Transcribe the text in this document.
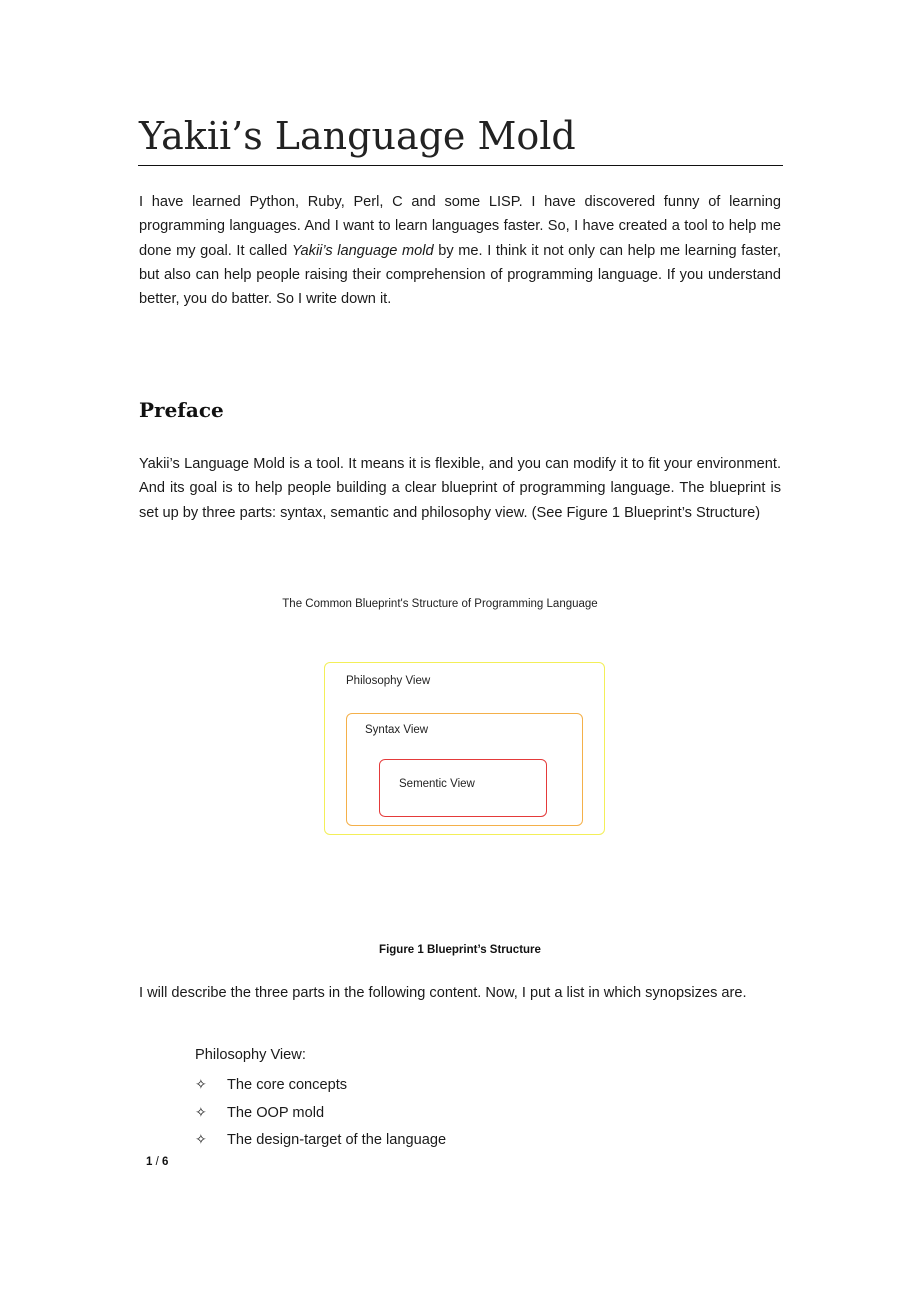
Yakii’s Language Mold

I have learned Python, Ruby, Perl, C and some LISP. I have discovered funny of learning programming languages. And I want to learn languages faster. So, I have created a tool to help me done my goal. It called Yakii’s language mold by me. I think it not only can help me learning faster, but also can help people raising their comprehension of programming language. If you understand better, you do batter. So I write down it.

Preface

Yakii’s Language Mold is a tool. It means it is flexible, and you can modify it to fit your environment. And its goal is to help people building a clear blueprint of programming language. The blueprint is set up by three parts: syntax, semantic and philosophy view. (See Figure 1 Blueprint’s Structure)

The Common Blueprint's Structure of Programming Language
Philosophy View
Syntax View
Sementic View
Figure 1 Blueprint’s Structure

I will describe the three parts in the following content. Now, I put a list in which synopsizes are.

Philosophy View:
✧ The core concepts
✧ The OOP mold
✧ The design-target of the language
1 / 6
